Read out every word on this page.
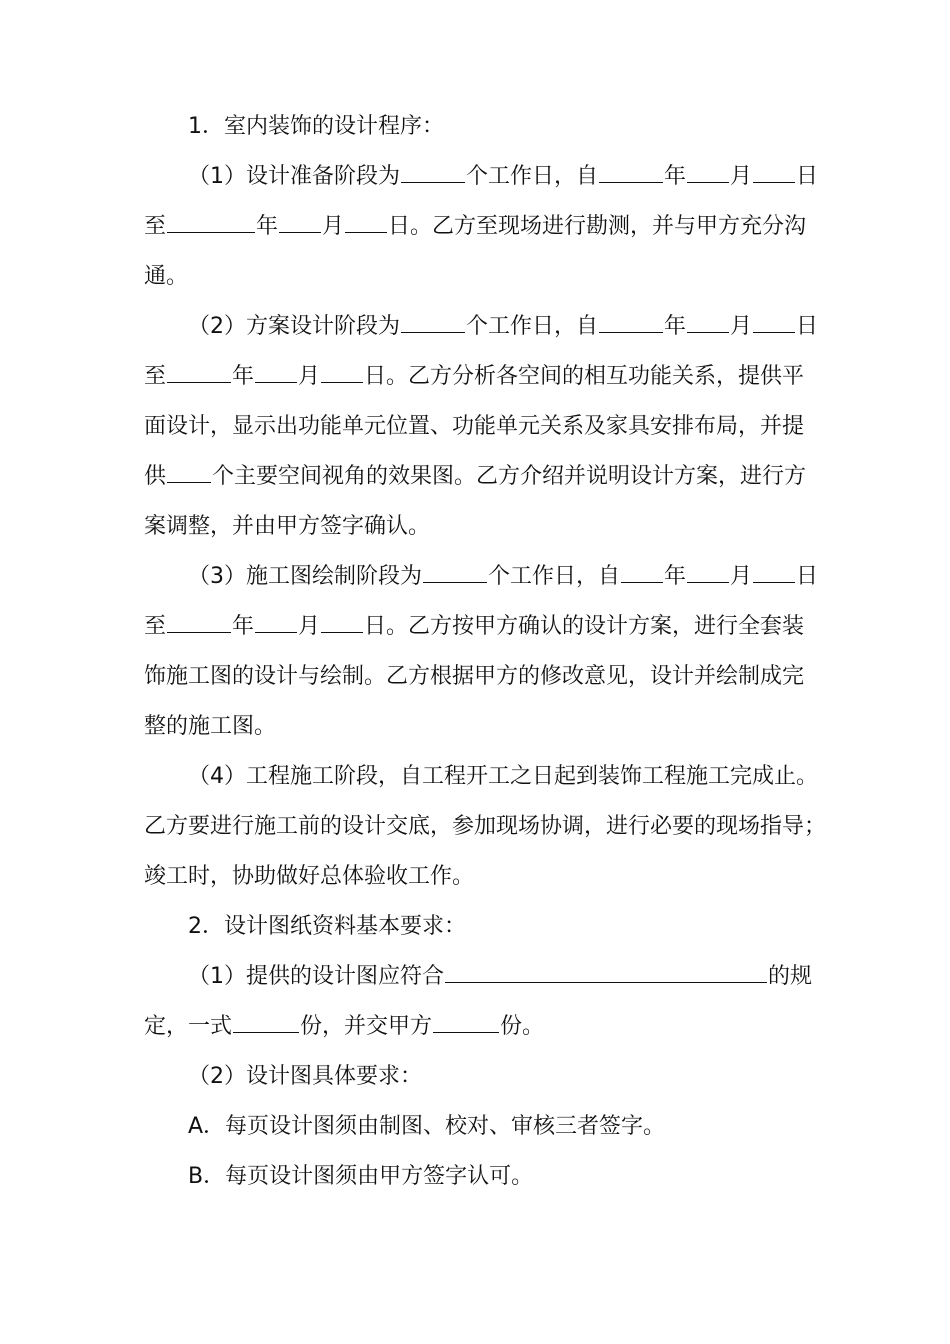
1．室内装饰的设计程序：
（1）设计准备阶段为	个工作日，自	年 月 日
至	年 月 日。乙方至现场进行勘测，并与甲方充分沟
通。
（2）方案设计阶段为	个工作日，自	年 月 日
至	年 月 日。乙方分析各空间的相互功能关系，提供平
面设计，显示出功能单元位置、功能单元关系及家具安排布局，并提
供 个主要空间视角的效果图。乙方介绍并说明设计方案，进行方
案调整，并由甲方签字确认。
（3）施工图绘制阶段为	个工作日，自 年 月 日
至	年 月 日。乙方按甲方确认的设计方案，进行全套装
饰施工图的设计与绘制。乙方根据甲方的修改意见，设计并绘制成完
整的施工图。
（4）工程施工阶段，自工程开工之日起到装饰工程施工完成止。
乙方要进行施工前的设计交底，参加现场协调，进行必要的现场指导；
竣工时，协助做好总体验收工作。
2．设计图纸资料基本要求：
（1）提供的设计图应符合	的规
定，一式	份，并交甲方	份。
（2）设计图具体要求：
A．每页设计图须由制图、校对、审核三者签字。
B．每页设计图须由甲方签字认可。
